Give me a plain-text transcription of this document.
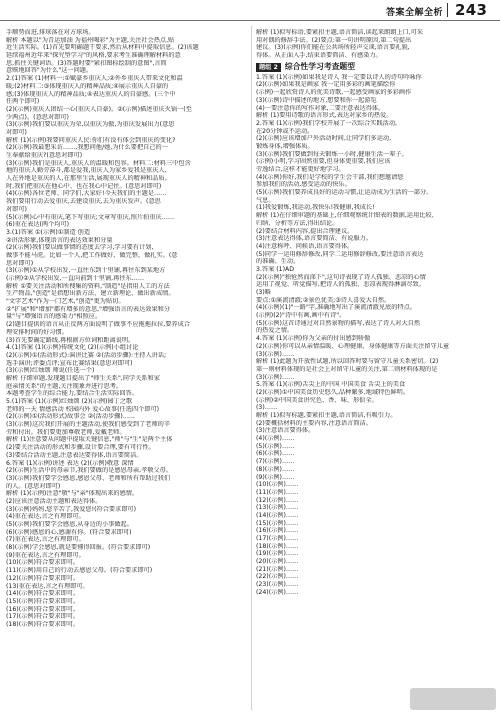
答案全解全析 243
手顺势而进,排球落在对方球场。
解析 本题以"为青运加油 为福州喝彩"为主题,关注社会热点,贴
近生活实际。(1)首先要明确题干要求,然后从材料中提取信息。(2)该题
延续福州近年来"探究型学习"的风格,要求考生准确理解材料的意
思,抓住关键词语。(3)答题时要"紧扣图标绘制的意图",言简
意赅地回答"为什么"这一问题。
2.(1)答案 (1)材料一:①赋豪乡重庆人;②外乡重庆人带来文化和温
暖;(2)材料二:③体现重庆人的精神品质;④展示重庆人自豪的
感;(3)体现重庆人的精神品质;④表达重庆人的自豪感。(三个中
任两个即可)
(2)(示例)重庆人团结一心(重庆人自豪)。②(示例)描述重庆火锅一(至
少两点)。(意思对即可)
(3)(示例)我们要以重庆为荣,以重庆为傲,为重庆发展出力(意思
对即可)
解析 (1)(示例)我要问重庆人民:你们有没有体会到重庆的变化?
(2)(示例)我最想采访……,我想问他/她,为什么要把自己的一
生奉献给重庆?(意思对即可)
(3)(示例)我们是重庆人,重庆人的温暖和包容。材料二:材料三中包含
地的重庆人勤劳奋斗,都是爱我,重庆人为家乡爱我是重庆人,
人在外地是重庆的人,在那里生活,展现重庆人的精神和品质。
时,我们把重庆在他心中、也在我心中记住。(意思对即可)
(4)(示例)各位老师、同学们,大家好!今天我们的主题是……
我们要用行动去爱重庆,去建设重庆,去为重庆发声。(意思
对即可)
(5)(示例)心中有重庆,笔下写重庆;文章写重庆,照片拍重庆……
(6)重在表达(两个均可)
3.(1)答案 ①(示例)①制造 创造
②讲活形象,体现语言的表达效果和分量
(2)(示例)我们要以做事情的态度去学习,学习要有计划,
做事不能马虎。比如一个人,把工作做好、做完整、做扎实。(意
思对即可)
(3)(示例)①从学校出发,一直往东到十里铺,再往东到某地方
(示例)②从学校出发,一直向前到十里铺,再往东……
解析 ①要关注活动和所搜集的资料,"制造"是指用人工的方法
生产物品,"创造"是指想出新方法、建立新理论、做出新成绩。
"文字艺术"作为一门艺术,"创造"更为贴切。
②"扩展"和"增加"都有增多的意思,"增强语言的表达效果和分
量"与"增强语言的感染力"相照应。
(2)题目提供的语言从正反两方面说明了做事不应拖拖拉拉,要养成合
理安排时间的好习惯。
(3)首先要确定路线,再根据方位词和距离说明。
4.(1)答案 (1)(示例)传统文化 (2)(示例)小组讨论
(2)(示例)①(活动形式):演讲比赛 ②(活动步骤):主持人讲话;
选手演讲;评委点评;宣布比赛结果(意思对即可)
(3)(示例)红烛颂 师说(任选一个)
解析 仔细审题,发现题目提出了"师生关系",同学关系和家
庭亲情关系"的主题,关注现象并进行思考。
本题考查学生的综合能力,要结合生活实际回答。
5.(1)答案 (1)(示例)红烛颂 (2)(示例)园丁之歌
老师的一天 情感活动 校园内外 爱心故事(任选四个即可)
(2)(示例)①(活动形式)故事会 ②(活动步骤)……
(3)(示例)这次我们开展的主题活动,使我们感受到了老师的辛
劳和付出。我们要更加尊敬老师,爱戴老师。
解析 (1)注意要从问题中提取关键信息,"师"与"生"是两个主体
(2)要关注活动的形式和步骤,设计要合理,要有可行性。
(3)要结合活动主题,注意表达要得体,语言要简洁。
6.答案 (1)(示例)讲述 表达 (2)(示例)敬意 深情
(2)(示例)生活中的母亲节,我们要做的是感恩母亲,孝敬父母。
(3)(示例)我们要学会感恩,感恩父母、老师和所有帮助过我们
的人。(意思对即可)
解析 (1)(示例)注意"敬"与"亲"体现出来的感情。
(2)应该注意活动主题和表达得体。
(3)(示例)妈妈,您辛苦了,我爱您!(符合要求即可)
(4)重在表达,言之有理即可。
(5)(示例)我们要学会感恩,从身边的小事做起。
(6)(示例)感恩的心,感谢有你。(符合要求即可)
(7)重在表达,言之有理即可。
(8)(示例)学会感恩,就是要懂得回报。(符合要求即可)
(9)重在表达,言之有理即可。
(10)(示例)符合要求即可。
(11)(示例)用自己的行动去感恩父母。(符合要求即可)
(12)(示例)符合要求即可。
(13)重在表达,言之有理即可。
(14)(示例)符合要求即可。
(15)(示例)符合要求即可。
(16)(示例)符合要求即可。
(17)(示例)符合要求即可。
(18)(示例)符合要求即可。
解析 (1)拟写标语,要紧扣主题,语言简洁,读起来朗朗上口,可采
用对偶的修辞手法。(2)要点:第一句讲明原因,第二句提出
建议。(3)(示例)你们能在公共场所轻声交谈,语言要礼貌,
得体。从正面入手,结束语要简洁、有感染力。
题组 2 综合性学习考查题型
1.答案 (1)(示例)如果我是诗人 我一定要以诗人的诗句吟咏你
(2)(示例)如果我是画家 我一定用多彩的画笔描绘你
(示例)一起欣赏诗人的优美诗歌,一起感受画家的多彩画作
(3)(示例)诗中描述的地方,想要和你一起游览
(4)一要注意你的写作对象,二要注意表达得体。
解析 (1)要用诗歌的语言形式,表达对家乡的热爱。
2.答案 (1)(示例)我们学校开展了一次综合实践活动,
在20分钟或不运动。
(2)(示例)应该增加户外活动时间,让同学们多运动,
锻炼身体,增强体质。
(3)(示例)我们要做到每天锻炼一小时,健康生活一辈子。
(示例)小明,学习固然重要,但身体更重要,我们应该
劳逸结合,这样才能更好地学习。
(4)(示例)你好,我们是学校的学生会干部,我们想邀请您
参加我们的活动,感受运动的快乐。
(5)(示例)我们要养成良好的运动习惯,让运动成为生活的一部分。
气息。
(1)我爱锻炼,我运动,我快乐!我健康,我成长!
解析 (1)在仔细审题的基础上,仔细观察统计图表的数据,运用比较、
归纳、分析等方法,得出结论。
(2)要结合材料内容,提出合理建议。
(3)注意表达得体,语言要简洁、有说服力。
(4)注意称呼、问候语,语言要得体。
(5)同学一运用修辞修改,同学二运用修辞修改,要注意语言表达
的准确、生动。
3.答案 (1)AD
(2)(示例)"独怆然而涕下",这句诗表现了诗人孤独、悲凉的心情
运用了视觉、听觉描写,把诗人的孤独、悲凉表现得淋漓尽致。
(3)略
要点:①溪流清澈;②景色优美;③诗人喜爱大自然。
(4)(示例)(1)"一路"字,准确地写出了溪流清澈见底的特点。
(示例)(2)"诗中有画,画中有诗"。
(5)(示例)这首诗通过对自然景物的描写,表达了诗人对大自然
的热爱之情。
4.答案 (1)(示例)你为父亲的付出感到骄傲
(2)(示例)你可以从亲情温暖、心理健康、身体健康等方面关注留守儿童
(3)(示例)……
解析 (1)此题为开放性试题,所以回答时要与留守儿童关系密切。(2)
第一则材料体现的是社会上对留守儿童的关注,第二则材料体现的是
(3)(示例)……
5.答案 (1)(示例)舌尖上的中国 中国美食 舌尖上的美食
(2)(示例)①中国美食历史悠久,品种繁多,地域特色鲜明。
(示例)②中国美食讲究色、香、味、形俱全。
(3)……
解析 (1)拟写标题,要紧扣主题,语言简洁,有吸引力。
(2)要概括材料的主要内容,注意语言简洁。
(3)注意语言要得体。
(4)(示例)……
(5)(示例)……
(6)(示例)……
(7)(示例)……
(8)(示例)……
(9)(示例)……
(10)(示例)……
(11)(示例)……
(12)(示例)……
(13)(示例)……
(14)(示例)……
(15)(示例)……
(16)(示例)……
(17)(示例)……
(18)(示例)……
(19)(示例)……
(20)(示例)……
(21)(示例)……
(22)(示例)……
(23)(示例)……
(24)(示例)……
